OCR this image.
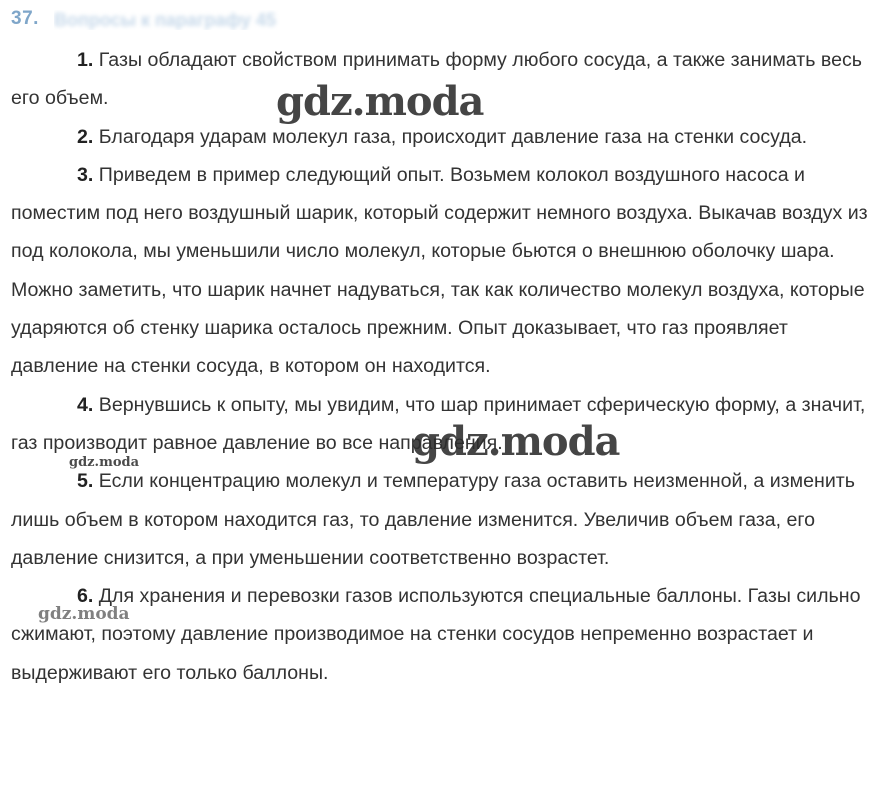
37. Вопросы к параграфу 45

1. Газы обладают свойством принимать форму любого сосуда, а также занимать весь его объем.

2. Благодаря ударам молекул газа, происходит давление газа на стенки сосуда.

3. Приведем в пример следующий опыт. Возьмем колокол воздушного насоса и поместим под него воздушный шарик, который содержит немного воздуха. Выкачав воздух из под колокола, мы уменьшили число молекул, которые бьются о внешнюю оболочку шара. Можно заметить, что шарик начнет надуваться, так как количество молекул воздуха, которые ударяются об стенку шарика осталось прежним. Опыт доказывает, что газ проявляет давление на стенки сосуда, в котором он находится.

4. Вернувшись к опыту, мы увидим, что шар принимает сферическую форму, а значит, газ производит равное давление во все направления.

5. Если концентрацию молекул и температуру газа оставить неизменной, а изменить лишь объем в котором находится газ, то давление изменится. Увеличив объем газа, его давление снизится, а при уменьшении соответственно возрастет.

6. Для хранения и перевозки газов используются специальные баллоны. Газы сильно сжимают, поэтому давление производимое на стенки сосудов непременно возрастает и выдерживают его только баллоны.

gdz.moda
gdz.moda
gdz.moda
gdz.moda
